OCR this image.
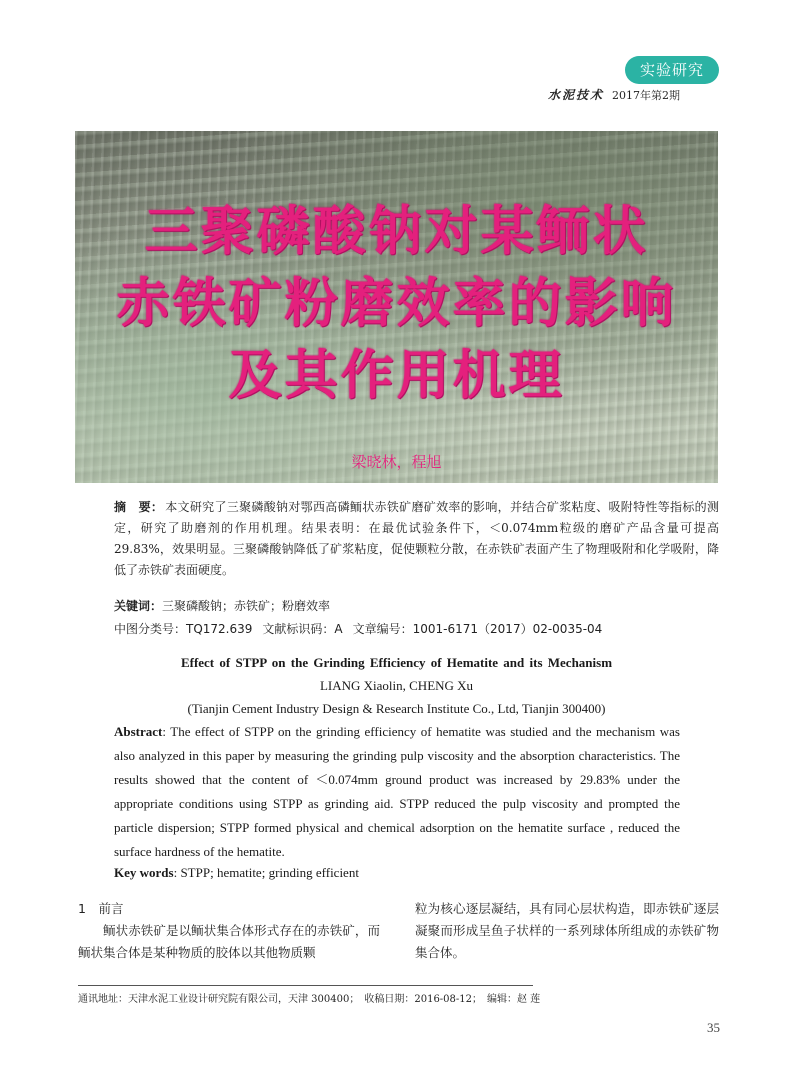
实验研究
水泥技术 2017年第2期
三聚磷酸钠对某鲕状
赤铁矿粉磨效率的影响
及其作用机理
梁晓林，程旭
摘　要： 本文研究了三聚磷酸钠对鄂西高磷鲕状赤铁矿磨矿效率的影响，并结合矿浆粘度、吸附特性等指标的测定，研究了助磨剂的作用机理。结果表明：在最优试验条件下，＜0.074mm粒级的磨矿产品含量可提高29.83%，效果明显。三聚磷酸钠降低了矿浆粘度，促使颗粒分散，在赤铁矿表面产生了物理吸附和化学吸附，降低了赤铁矿表面硬度。
关键词：三聚磷酸钠；赤铁矿；粉磨效率
中图分类号：TQ172.639 文献标识码：A 文章编号：1001-6171（2017）02-0035-04
Effect of STPP on the Grinding Efficiency of Hematite and its Mechanism
LIANG Xiaolin, CHENG Xu
(Tianjin Cement Industry Design & Research Institute Co., Ltd, Tianjin 300400)
Abstract: The effect of STPP on the grinding efficiency of hematite was studied and the mechanism was also analyzed in this paper by measuring the grinding pulp viscosity and the absorption characteristics. The results showed that the content of ＜0.074mm ground product was increased by 29.83% under the appropriate conditions using STPP as grinding aid. STPP reduced the pulp viscosity and prompted the particle dispersion; STPP formed physical and chemical adsorption on the hematite surface , reduced the surface hardness of the hematite.
Key words: STPP; hematite; grinding efficient
1　前言
鲕状赤铁矿是以鲕状集合体形式存在的赤铁矿，而鲕状集合体是某种物质的胶体以其他物质颗
粒为核心逐层凝结，具有同心层状构造，即赤铁矿逐层凝聚而形成呈鱼子状样的一系列球体所组成的赤铁矿物集合体。
通讯地址：天津水泥工业设计研究院有限公司，天津 300400；　收稿日期：2016-08-12；　编辑：赵 莲
35
